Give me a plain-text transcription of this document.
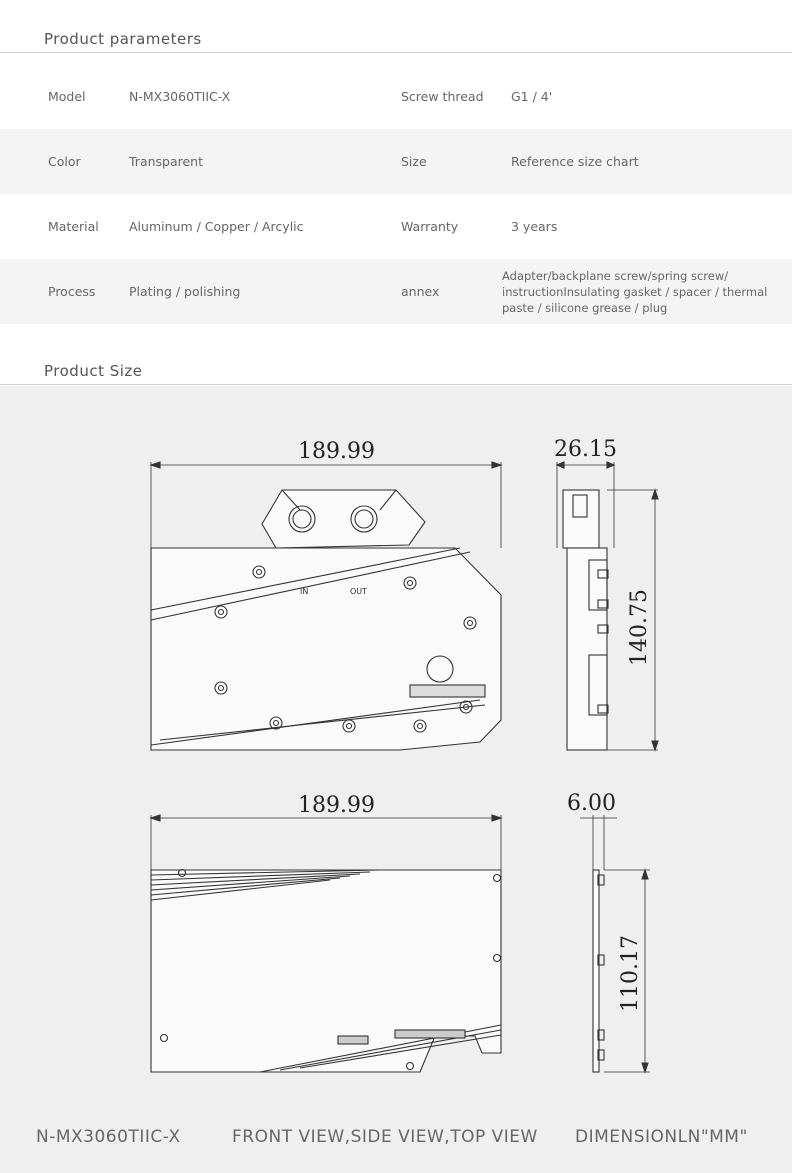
Product parameters
Model	N-MX3060TIIC-X	Screw thread	G1 / 4'
Color	Transparent	Size	Reference size chart
Material	Aluminum / Copper / Arcylic	Warranty	3 years
Process	Plating / polishing	annex
Adapter/backplane screw/spring screw/ instructionInsulating gasket / spacer / thermal paste / silicone grease / plug
Product Size
IN	OUT
189.99	26.15
140.75
189.99	6.00
110.17
N-MX3060TIIC-X	FRONT VIEW,SIDE VIEW,TOP VIEW DIMENSIONLN"MM"
